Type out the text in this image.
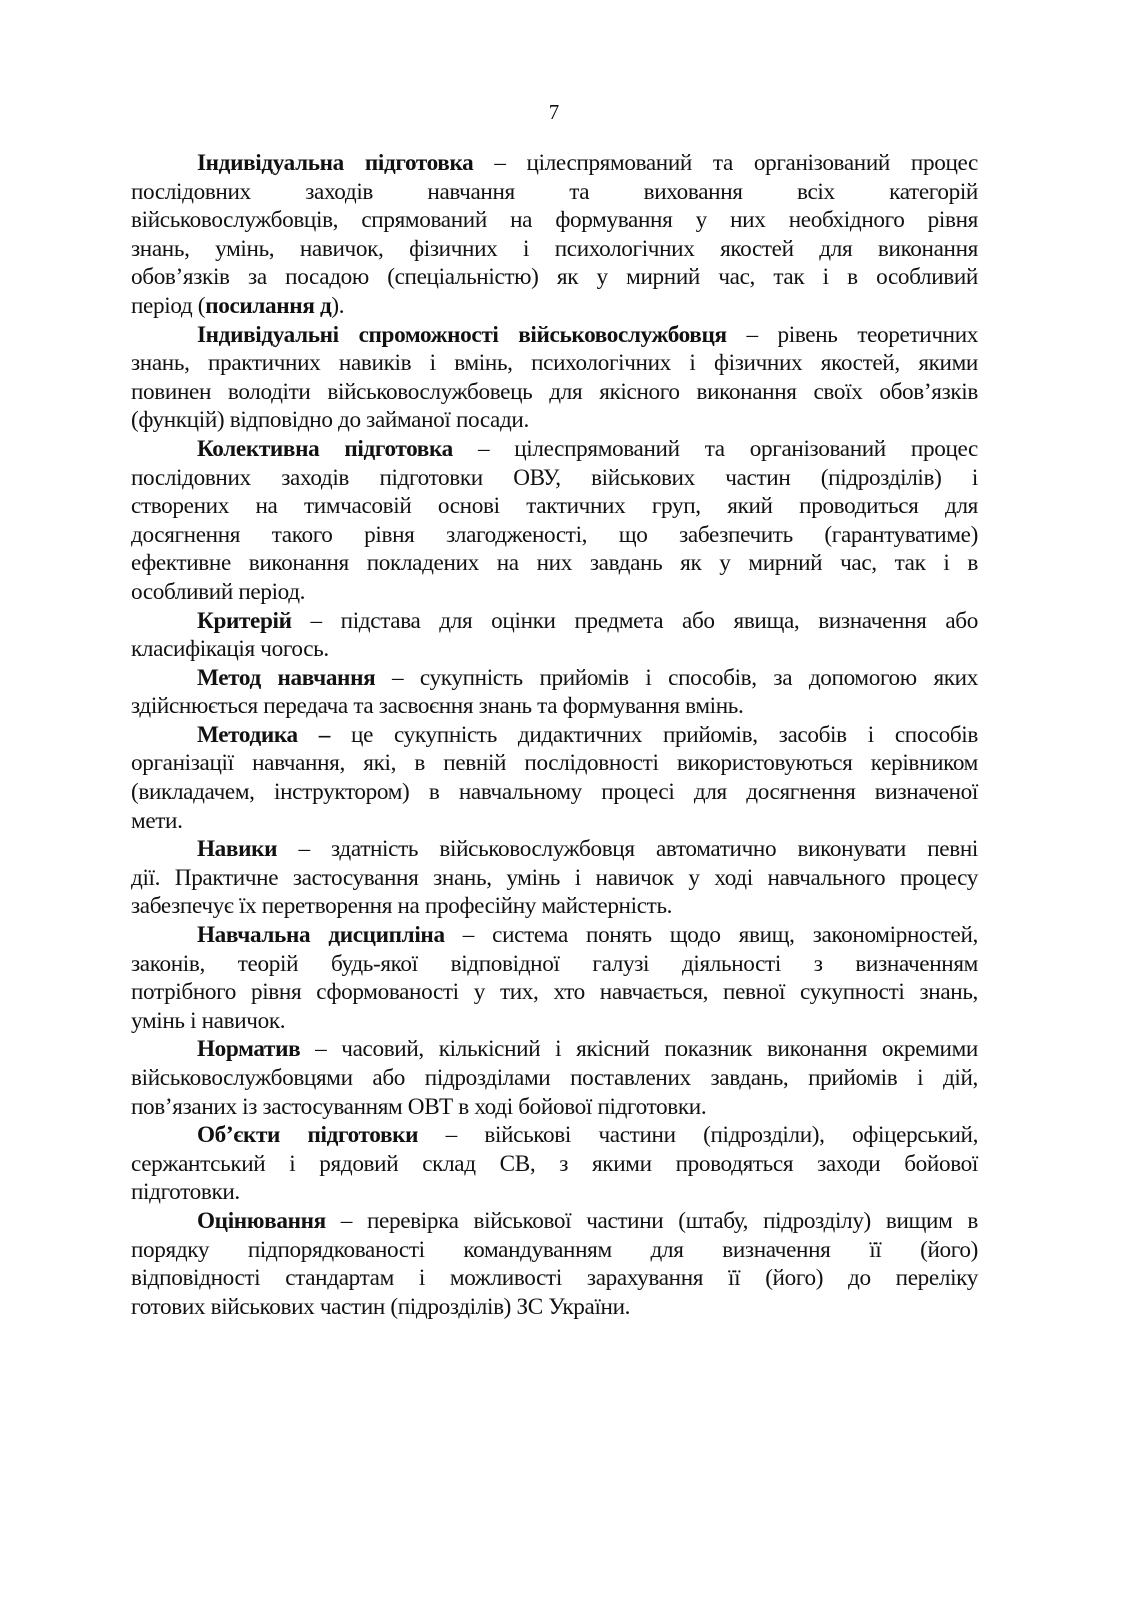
7
Індивідуальна підготовка – цілеспрямований та організований процес
послідовних заходів навчання та виховання всіх категорій
військовослужбовців, спрямований на формування у них необхідного рівня
знань, умінь, навичок, фізичних і психологічних якостей для виконання
обов’язків за посадою (спеціальністю) як у мирний час, так і в особливий
період (посилання д).
Індивідуальні спроможності військовослужбовця – рівень теоретичних
знань, практичних навиків і вмінь, психологічних і фізичних якостей, якими
повинен володіти військовослужбовець для якісного виконання своїх обов’язків
(функцій) відповідно до займаної посади.
Колективна підготовка – цілеспрямований та організований процес
послідовних заходів підготовки ОВУ, військових частин (підрозділів) і
створених на тимчасовій основі тактичних груп, який проводиться для
досягнення такого рівня злагодженості, що забезпечить (гарантуватиме)
ефективне виконання покладених на них завдань як у мирний час, так і в
особливий період.
Критерій – підстава для оцінки предмета або явища, визначення або
класифікація чогось.
Метод навчання – сукупність прийомів і способів, за допомогою яких
здійснюється передача та засвоєння знань та формування вмінь.
Методика – це сукупність дидактичних прийомів, засобів і способів
організації навчання, які, в певній послідовності використовуються керівником
(викладачем, інструктором) в навчальному процесі для досягнення визначеної
мети.
Навики – здатність військовослужбовця автоматично виконувати певні
дії. Практичне застосування знань, умінь і навичок у ході навчального процесу
забезпечує їх перетворення на професійну майстерність.
Навчальна дисципліна – система понять щодо явищ, закономірностей,
законів, теорій будь-якої відповідної галузі діяльності з визначенням
потрібного рівня сформованості у тих, хто навчається, певної сукупності знань,
умінь і навичок.
Норматив – часовий, кількісний і якісний показник виконання окремими
військовослужбовцями або підрозділами поставлених завдань, прийомів і дій,
пов’язаних із застосуванням ОВТ в ході бойової підготовки.
Об’єкти підготовки – військові частини (підрозділи), офіцерський,
сержантський і рядовий склад СВ, з якими проводяться заходи бойової
підготовки.
Оцінювання – перевірка військової частини (штабу, підрозділу) вищим в
порядку підпорядкованості командуванням для визначення її (його)
відповідності стандартам і можливості зарахування її (його) до переліку
готових військових частин (підрозділів) ЗС України.
